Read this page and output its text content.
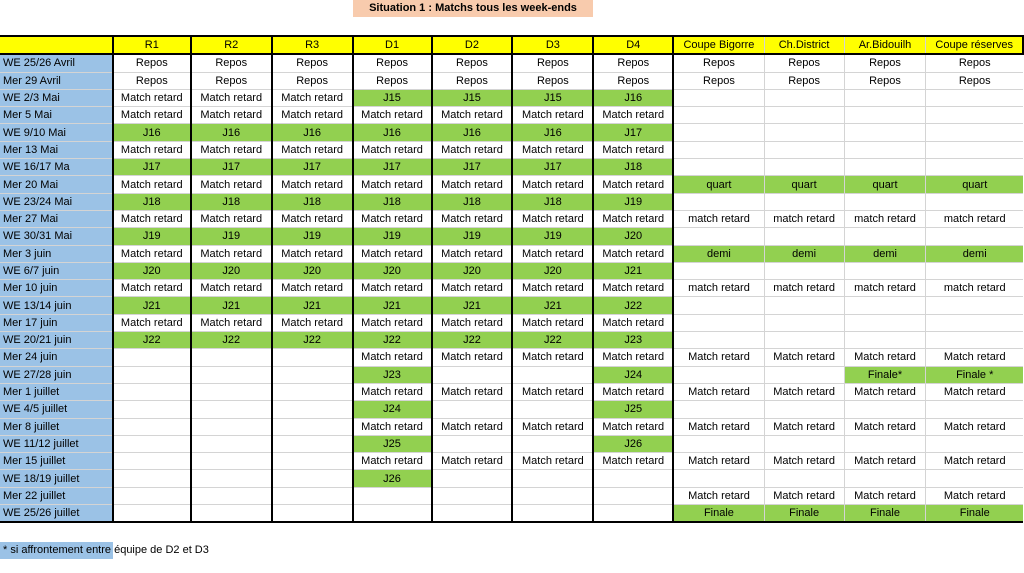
Situation 1 : Matchs tous les week-ends
	R1	R2	R3	D1	D2	D3	D4	Coupe Bigorre	Ch.District	Ar.Bidouilh	Coupe réserves
WE 25/26 Avril	Repos	Repos	Repos	Repos	Repos	Repos	Repos	Repos	Repos	Repos	Repos
Mer 29 Avril	Repos	Repos	Repos	Repos	Repos	Repos	Repos	Repos	Repos	Repos	Repos
WE 2/3 Mai	Match retard	Match retard	Match retard	J15	J15	J15	J16				
Mer 5 Mai	Match retard	Match retard	Match retard	Match retard	Match retard	Match retard	Match retard				
WE 9/10 Mai	J16	J16	J16	J16	J16	J16	J17				
Mer 13 Mai	Match retard	Match retard	Match retard	Match retard	Match retard	Match retard	Match retard				
WE 16/17 Ma	J17	J17	J17	J17	J17	J17	J18				
Mer 20 Mai	Match retard	Match retard	Match retard	Match retard	Match retard	Match retard	Match retard	quart	quart	quart	quart
WE 23/24 Mai	J18	J18	J18	J18	J18	J18	J19				
Mer 27 Mai	Match retard	Match retard	Match retard	Match retard	Match retard	Match retard	Match retard	match retard	match retard	match retard	match retard
WE 30/31 Mai	J19	J19	J19	J19	J19	J19	J20				
Mer 3 juin	Match retard	Match retard	Match retard	Match retard	Match retard	Match retard	Match retard	demi	demi	demi	demi
WE 6/7 juin	J20	J20	J20	J20	J20	J20	J21				
Mer 10 juin	Match retard	Match retard	Match retard	Match retard	Match retard	Match retard	Match retard	match retard	match retard	match retard	match retard
WE 13/14 juin	J21	J21	J21	J21	J21	J21	J22				
Mer 17 juin	Match retard	Match retard	Match retard	Match retard	Match retard	Match retard	Match retard				
WE 20/21 juin	J22	J22	J22	J22	J22	J22	J23				
Mer 24 juin				Match retard	Match retard	Match retard	Match retard	Match retard	Match retard	Match retard	Match retard
WE 27/28 juin				J23			J24			Finale*	Finale *
Mer 1 juillet				Match retard	Match retard	Match retard	Match retard	Match retard	Match retard	Match retard	Match retard
WE 4/5 juillet				J24			J25				
Mer 8 juillet				Match retard	Match retard	Match retard	Match retard	Match retard	Match retard	Match retard	Match retard
WE 11/12 juillet				J25			J26				
Mer 15 juillet				Match retard	Match retard	Match retard	Match retard	Match retard	Match retard	Match retard	Match retard
WE 18/19 juillet				J26							
Mer 22 juillet								Match retard	Match retard	Match retard	Match retard
WE 25/26 juillet								Finale	Finale	Finale	Finale
* si affrontement entre équipe de D2 et D3
